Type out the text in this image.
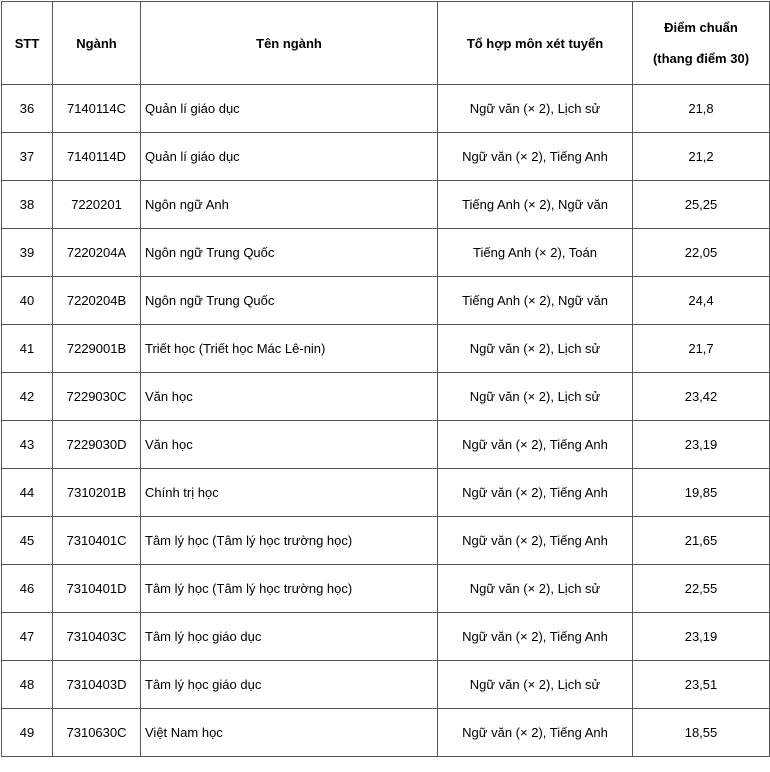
STT	Ngành	Tên ngành	Tổ hợp môn xét tuyển	Điểm chuẩn
(thang điểm 30)

36	7140114C	Quản lí giáo dục	Ngữ văn (× 2), Lịch sử	21,8
37	7140114D	Quản lí giáo dục	Ngữ văn (× 2), Tiếng Anh	21,2
38	7220201	Ngôn ngữ Anh	Tiếng Anh (× 2), Ngữ văn	25,25
39	7220204A	Ngôn ngữ Trung Quốc	Tiếng Anh (× 2), Toán	22,05
40	7220204B	Ngôn ngữ Trung Quốc	Tiếng Anh (× 2), Ngữ văn	24,4
41	7229001B	Triết học (Triết học Mác Lê-nin)	Ngữ văn (× 2), Lịch sử	21,7
42	7229030C	Văn học	Ngữ văn (× 2), Lịch sử	23,42
43	7229030D	Văn học	Ngữ văn (× 2), Tiếng Anh	23,19
44	7310201B	Chính trị học	Ngữ văn (× 2), Tiếng Anh	19,85
45	7310401C	Tâm lý học (Tâm lý học trường học)	Ngữ văn (× 2), Tiếng Anh	21,65
46	7310401D	Tâm lý học (Tâm lý học trường học)	Ngữ văn (× 2), Lịch sử	22,55
47	7310403C	Tâm lý học giáo dục	Ngữ văn (× 2), Tiếng Anh	23,19
48	7310403D	Tâm lý học giáo dục	Ngữ văn (× 2), Lịch sử	23,51
49	7310630C	Việt Nam học	Ngữ văn (× 2), Tiếng Anh	18,55
